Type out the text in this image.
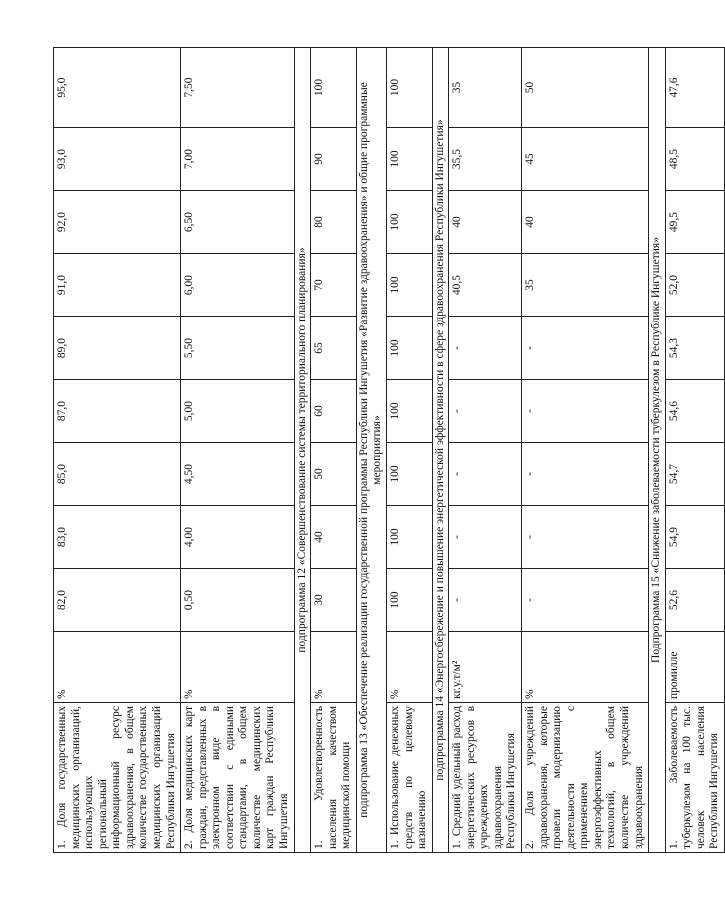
1. Доля государственных медицинских организаций, использующих региональный информационный ресурс здравоохранения, в общем количестве государственных медицинских организаций Республики Ингушетия	%	82,0	83,0	85,0	87,0	89,0	91,0	92,0	93,0	95,0
2. Доля медицинских карт граждан, представленных в электронном виде в соответствии с едиными стандартами, в общем количестве медицинских карт граждан Республики Ингушетия	%	0,50	4,00	4,50	5,00	5,50	6,00	6,50	7,00	7,50
подпрограмма 12 «Совершенствование системы территориального планирования»										
1. Удовлетворенность населения качеством медицинской помощи	%	30	40	50	60	65	70	80	90	100
подпрограмма 13 «Обеспечение реализации государственной программы Республики Ингушетия «Развитие здравоохранения» и общие программные мероприятия»										
1. Использование денежных средств по целевому назначению	%	100	100	100	100	100	100	100	100	100
подпрограмма 14 «Энергосбережение и повышение энергетической эффективности в сфере здравоохранения Республики Ингушетия»										
1. Средний удельный расход энергетических ресурсов в учреждениях здравоохранения Республики Ингушетия	кг.у.т/м²	-	-	-	-	-	40,5	40	35,5	35
2. Доля учреждений здравоохранения, которые провели модернизацию деятельности с применением энергоэффективных технологий, в общем количестве учреждений здравоохранения	%	-	-	-	-	-	35	40	45	50
Подпрограмма 15 «Снижение заболеваемости туберкулезом в Республике Ингушетия»										
1. Заболеваемость туберкулезом на 100 тыс. человек населения Республики Ингушетия	промилле	52,6	54,9	54,7	54,6	54,3	52,0	49,5	48,5	47,6
